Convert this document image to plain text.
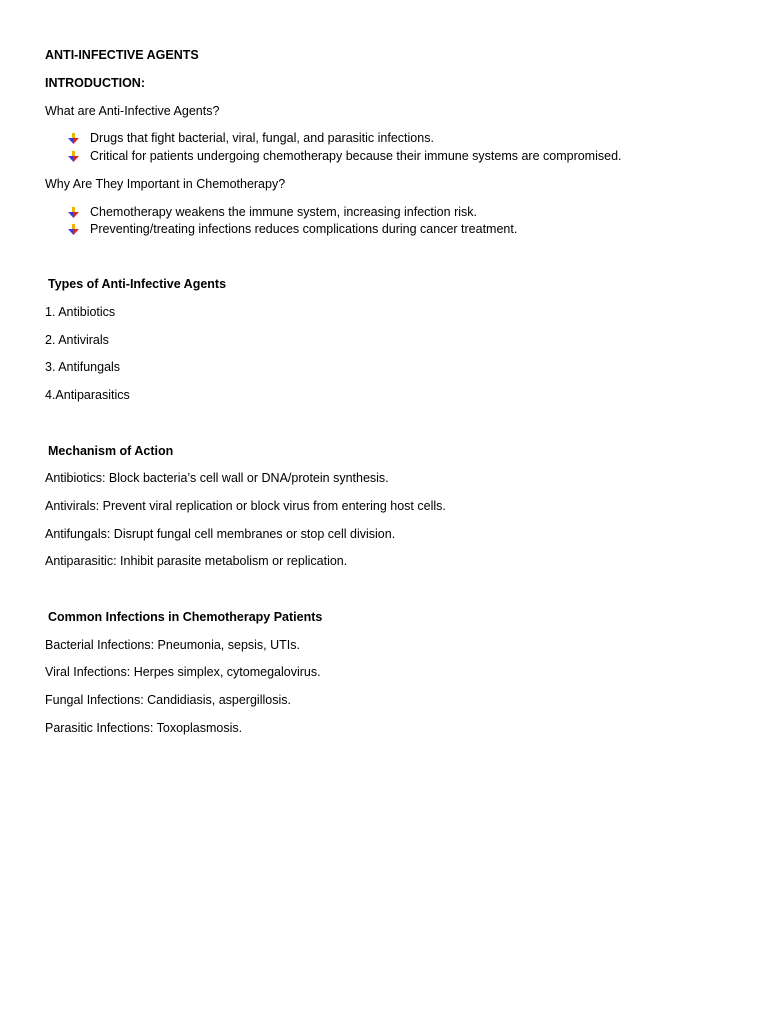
ANTI-INFECTIVE AGENTS
INTRODUCTION:
What are Anti-Infective Agents?
Drugs that fight bacterial, viral, fungal, and parasitic infections.
Critical for patients undergoing chemotherapy because their immune systems are compromised.
Why Are They Important in Chemotherapy?
Chemotherapy weakens the immune system, increasing infection risk.
Preventing/treating infections reduces complications during cancer treatment.
Types of Anti-Infective Agents
1. Antibiotics
2. Antivirals
3. Antifungals
4.Antiparasitics
Mechanism of Action
Antibiotics: Block bacteria’s cell wall or DNA/protein synthesis.
Antivirals: Prevent viral replication or block virus from entering host cells.
Antifungals: Disrupt fungal cell membranes or stop cell division.
Antiparasitic: Inhibit parasite metabolism or replication.
Common Infections in Chemotherapy Patients
Bacterial Infections: Pneumonia, sepsis, UTIs.
Viral Infections: Herpes simplex, cytomegalovirus.
Fungal Infections: Candidiasis, aspergillosis.
Parasitic Infections: Toxoplasmosis.
